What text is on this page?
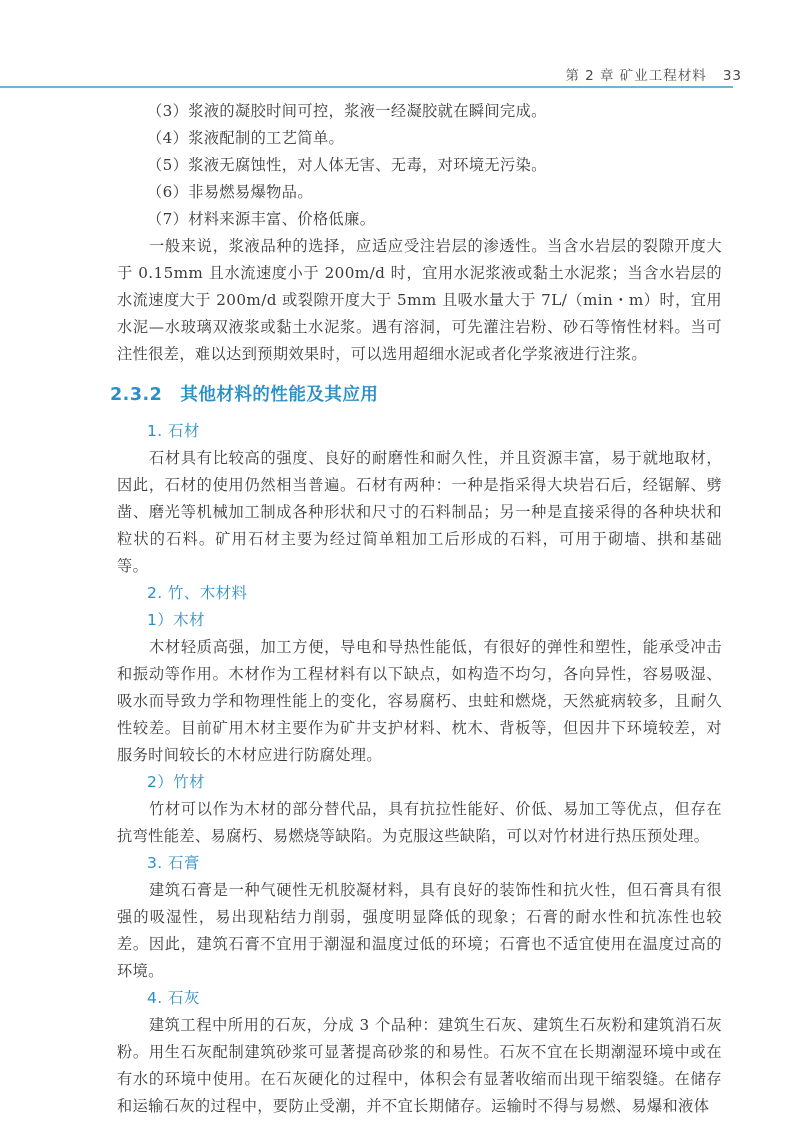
第 2 章 矿业工程材料 33

（3）浆液的凝胶时间可控，浆液一经凝胶就在瞬间完成。

（4）浆液配制的工艺简单。

（5）浆液无腐蚀性，对人体无害、无毒，对环境无污染。

（6）非易燃易爆物品。

（7）材料来源丰富、价格低廉。

一般来说，浆液品种的选择，应适应受注岩层的渗透性。当含水岩层的裂隙开度大于 0.15mm 且水流速度小于 200m/d 时，宜用水泥浆液或黏土水泥浆；当含水岩层的水流速度大于 200m/d 或裂隙开度大于 5mm 且吸水量大于 7L/（min・m）时，宜用水泥—水玻璃双液浆或黏土水泥浆。遇有溶洞，可先灌注岩粉、砂石等惰性材料。当可注性很差，难以达到预期效果时，可以选用超细水泥或者化学浆液进行注浆。

2.3.2 其他材料的性能及其应用
1. 石材

石材具有比较高的强度、良好的耐磨性和耐久性，并且资源丰富，易于就地取材，因此，石材的使用仍然相当普遍。石材有两种：一种是指采得大块岩石后，经锯解、劈凿、磨光等机械加工制成各种形状和尺寸的石料制品；另一种是直接采得的各种块状和粒状的石料。矿用石材主要为经过简单粗加工后形成的石料，可用于砌墙、拱和基础等。

2. 竹、木材料
1）木材

木材轻质高强，加工方便，导电和导热性能低，有很好的弹性和塑性，能承受冲击和振动等作用。木材作为工程材料有以下缺点，如构造不均匀，各向异性，容易吸湿、吸水而导致力学和物理性能上的变化，容易腐朽、虫蛀和燃烧，天然疵病较多，且耐久性较差。目前矿用木材主要作为矿井支护材料、枕木、背板等，但因井下环境较差，对服务时间较长的木材应进行防腐处理。

2）竹材

竹材可以作为木材的部分替代品，具有抗拉性能好、价低、易加工等优点，但存在抗弯性能差、易腐朽、易燃烧等缺陷。为克服这些缺陷，可以对竹材进行热压预处理。

3. 石膏

建筑石膏是一种气硬性无机胶凝材料，具有良好的装饰性和抗火性，但石膏具有很强的吸湿性，易出现粘结力削弱，强度明显降低的现象；石膏的耐水性和抗冻性也较差。因此，建筑石膏不宜用于潮湿和温度过低的环境；石膏也不适宜使用在温度过高的环境。

4. 石灰

建筑工程中所用的石灰，分成 3 个品种：建筑生石灰、建筑生石灰粉和建筑消石灰粉。用生石灰配制建筑砂浆可显著提高砂浆的和易性。石灰不宜在长期潮湿环境中或在有水的环境中使用。在石灰硬化的过程中，体积会有显著收缩而出现干缩裂缝。在储存和运输石灰的过程中，要防止受潮，并不宜长期储存。运输时不得与易燃、易爆和液体
